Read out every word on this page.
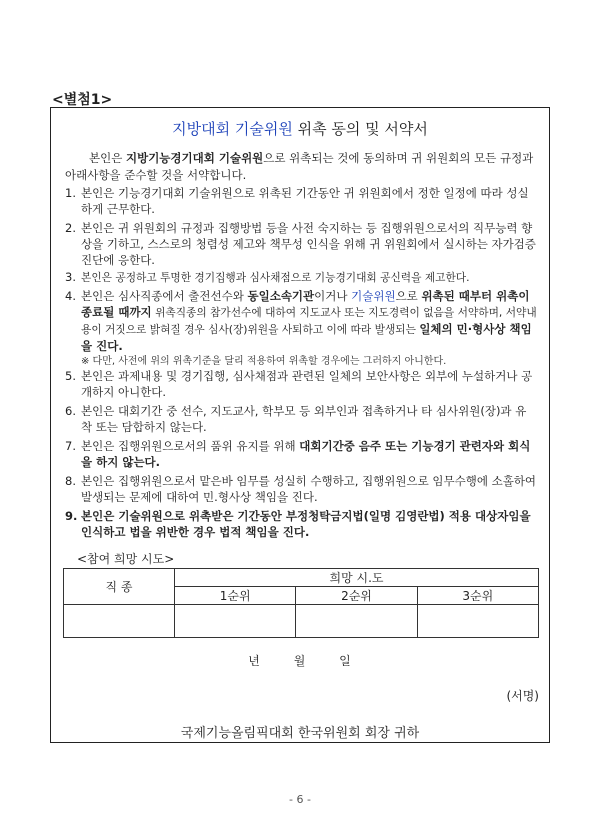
<별첨1>
지방대회 기술위원 위촉 동의 및 서약서
본인은 지방기능경기대회 기술위원으로 위촉되는 것에 동의하며 귀 위원회의 모든 규정과 아래사항을 준수할 것을 서약합니다.
1. 본인은 기능경기대회 기술위원으로 위촉된 기간동안 귀 위원회에서 정한 일정에 따라 성실하게 근무한다.
2. 본인은 귀 위원회의 규정과 집행방법 등을 사전 숙지하는 등 집행위원으로서의 직무능력 향상을 기하고, 스스로의 청렴성 제고와 책무성 인식을 위해 귀 위원회에서 실시하는 자가검증 진단에 응한다.
3. 본인은 공정하고 투명한 경기집행과 심사채점으로 기능경기대회 공신력을 제고한다.
4. 본인은 심사직종에서 출전선수와 동일소속기관이거나 기술위원으로 위촉된 때부터 위촉이 종료될 때까지 위촉직종의 참가선수에 대하여 지도교사 또는 지도경력이 없음을 서약하며, 서약내용이 거짓으로 밝혀질 경우 심사(장)위원을 사퇴하고 이에 따라 발생되는 일체의 민·형사상 책임을 진다.
※ 다만, 사전에 위의 위촉기준을 달리 적용하여 위촉할 경우에는 그러하지 아니한다.
5. 본인은 과제내용 및 경기집행, 심사채점과 관련된 일체의 보안사항은 외부에 누설하거나 공개하지 아니한다.
6. 본인은 대회기간 중 선수, 지도교사, 학부모 등 외부인과 접촉하거나 타 심사위원(장)과 유착 또는 담합하지 않는다.
7. 본인은 집행위원으로서의 품위 유지를 위해 대회기간중 음주 또는 기능경기 관련자와 회식을 하지 않는다.
8. 본인은 집행위원으로서 맡은바 임무를 성실히 수행하고, 집행위원으로 임무수행에 소홀하여 발생되는 문제에 대하여 민.형사상 책임을 진다.
9. 본인은 기술위원으로 위촉받은 기간동안 부정청탁금지법(일명 김영란법) 적용 대상자임을 인식하고 법을 위반한 경우 법적 책임을 진다.
<참여 희망 시도>
직 종	희망 시.도		
	1순위	2순위	3순위

년	월	일
(서명)
국제기능올림픽대회 한국위원회 회장 귀하
- 6 -
